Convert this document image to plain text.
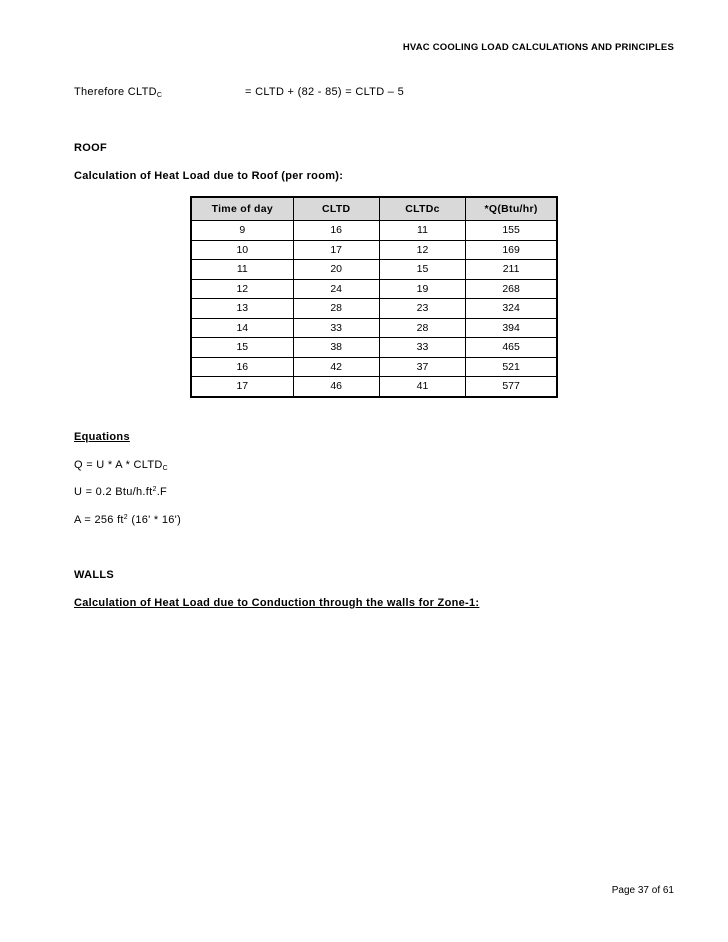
HVAC COOLING LOAD CALCULATIONS AND PRINCIPLES
Therefore $CLTD_C$	= CLTD + (82 - 85) = CLTD – 5
ROOF
Calculation of Heat Load due to Roof (per room):
Time of day	CLTD	CLTDc	*Q(Btu/hr)
9	16	11	155
10	17	12	169
11	20	15	211
12	24	19	268
13	28	23	324
14	33	28	394
15	38	33	465
16	42	37	521
17	46	41	577
Equations
$Q = U * A * CLTD_C$
U = 0.2 Btu/$h.ft^2.F$
A = 256 $ft^2$ (16' * 16')
WALLS
Calculation of Heat Load due to Conduction through the walls for Zone-1:
Page 37 of 61
